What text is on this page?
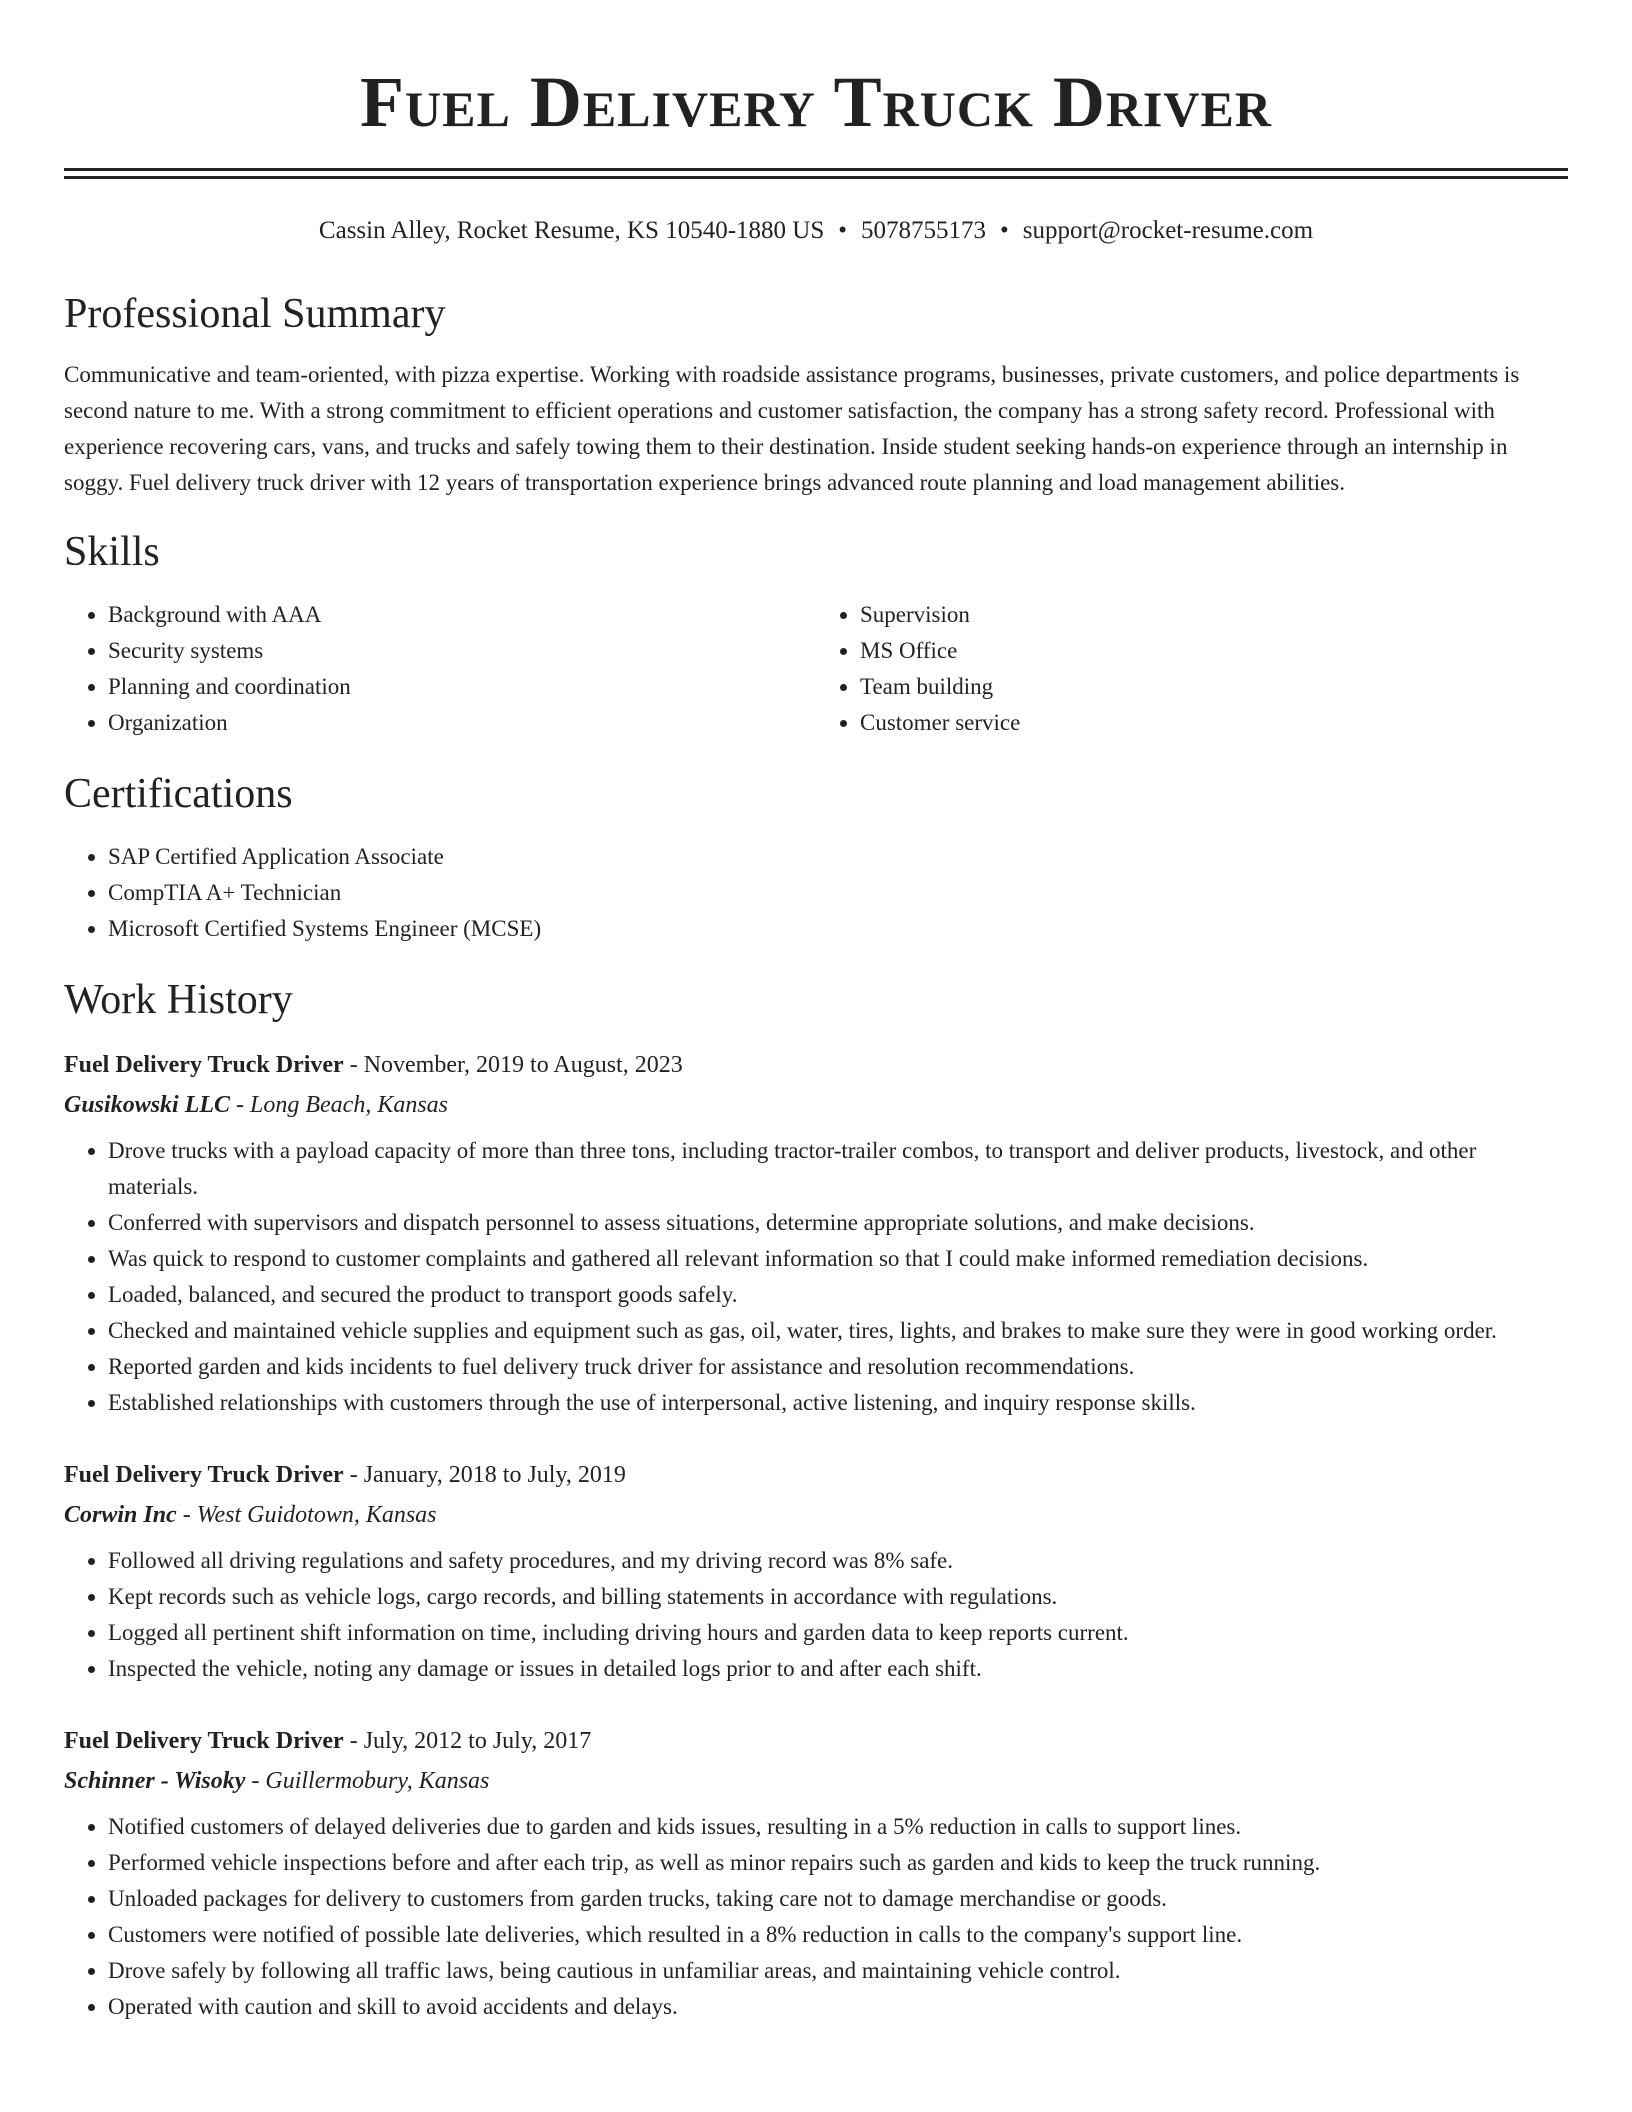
Fuel Delivery Truck Driver
Cassin Alley, Rocket Resume, KS 10540-1880 US • 5078755173 • support@rocket-resume.com
Professional Summary

Communicative and team-oriented, with pizza expertise. Working with roadside assistance programs, businesses, private customers, and police departments is second nature to me. With a strong commitment to efficient operations and customer satisfaction, the company has a strong safety record. Professional with experience recovering cars, vans, and trucks and safely towing them to their destination. Inside student seeking hands-on experience through an internship in soggy. Fuel delivery truck driver with 12 years of transportation experience brings advanced route planning and load management abilities.

Skills
• Background with AAA
• Security systems
• Planning and coordination
• Organization
• Supervision
• MS Office
• Team building
• Customer service
Certifications
• SAP Certified Application Associate
• CompTIA A+ Technician
• Microsoft Certified Systems Engineer (MCSE)
Work History
Fuel Delivery Truck Driver - November, 2019 to August, 2023
Gusikowski LLC - Long Beach, Kansas
• Drove trucks with a payload capacity of more than three tons, including tractor-trailer combos, to transport and deliver products, livestock, and other materials.
• Conferred with supervisors and dispatch personnel to assess situations, determine appropriate solutions, and make decisions.
• Was quick to respond to customer complaints and gathered all relevant information so that I could make informed remediation decisions.
• Loaded, balanced, and secured the product to transport goods safely.
• Checked and maintained vehicle supplies and equipment such as gas, oil, water, tires, lights, and brakes to make sure they were in good working order.
• Reported garden and kids incidents to fuel delivery truck driver for assistance and resolution recommendations.
• Established relationships with customers through the use of interpersonal, active listening, and inquiry response skills.
Fuel Delivery Truck Driver - January, 2018 to July, 2019
Corwin Inc - West Guidotown, Kansas
• Followed all driving regulations and safety procedures, and my driving record was 8% safe.
• Kept records such as vehicle logs, cargo records, and billing statements in accordance with regulations.
• Logged all pertinent shift information on time, including driving hours and garden data to keep reports current.
• Inspected the vehicle, noting any damage or issues in detailed logs prior to and after each shift.
Fuel Delivery Truck Driver - July, 2012 to July, 2017
Schinner - Wisoky - Guillermobury, Kansas
• Notified customers of delayed deliveries due to garden and kids issues, resulting in a 5% reduction in calls to support lines.
• Performed vehicle inspections before and after each trip, as well as minor repairs such as garden and kids to keep the truck running.
• Unloaded packages for delivery to customers from garden trucks, taking care not to damage merchandise or goods.
• Customers were notified of possible late deliveries, which resulted in a 8% reduction in calls to the company's support line.
• Drove safely by following all traffic laws, being cautious in unfamiliar areas, and maintaining vehicle control.
• Operated with caution and skill to avoid accidents and delays.
